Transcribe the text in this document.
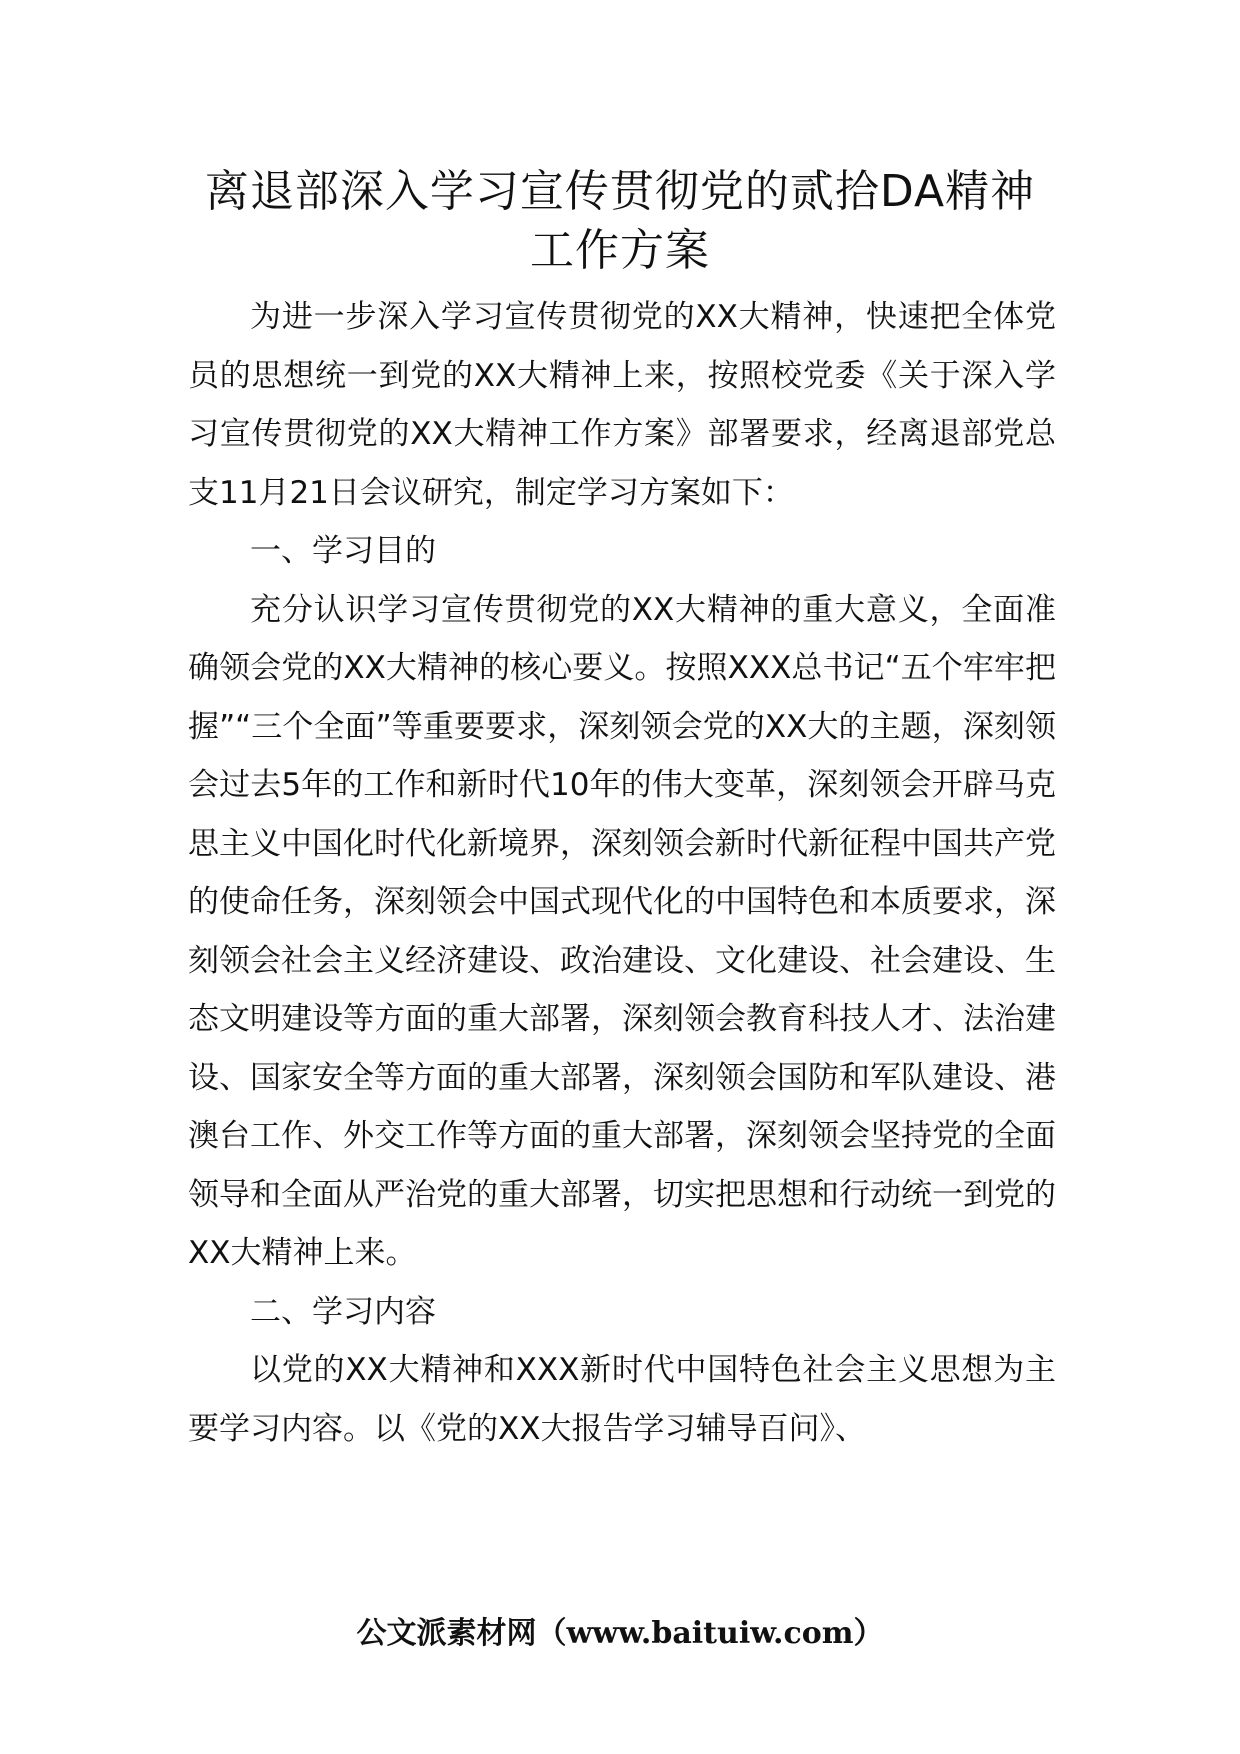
离退部深入学习宣传贯彻党的贰拾DA精神
工作方案

为进一步深入学习宣传贯彻党的XX大精神，快速把全体党员的思想统一到党的XX大精神上来，按照校党委《关于深入学习宣传贯彻党的XX大精神工作方案》部署要求，经离退部党总支11月21日会议研究，制定学习方案如下：

一、学习目的

充分认识学习宣传贯彻党的XX大精神的重大意义，全面准确领会党的XX大精神的核心要义。按照XXX总书记“五个牢牢把握”“三个全面”等重要要求，深刻领会党的XX大的主题，深刻领会过去5年的工作和新时代10年的伟大变革，深刻领会开辟马克思主义中国化时代化新境界，深刻领会新时代新征程中国共产党的使命任务，深刻领会中国式现代化的中国特色和本质要求，深刻领会社会主义经济建设、政治建设、文化建设、社会建设、生态文明建设等方面的重大部署，深刻领会教育科技人才、法治建设、国家安全等方面的重大部署，深刻领会国防和军队建设、港澳台工作、外交工作等方面的重大部署，深刻领会坚持党的全面领导和全面从严治党的重大部署，切实把思想和行动统一到党的XX大精神上来。

二、学习内容

以党的XX大精神和XXX新时代中国特色社会主义思想为主要学习内容。以《党的XX大报告学习辅导百问》、

公文派素材网（www.baituiw.com）
